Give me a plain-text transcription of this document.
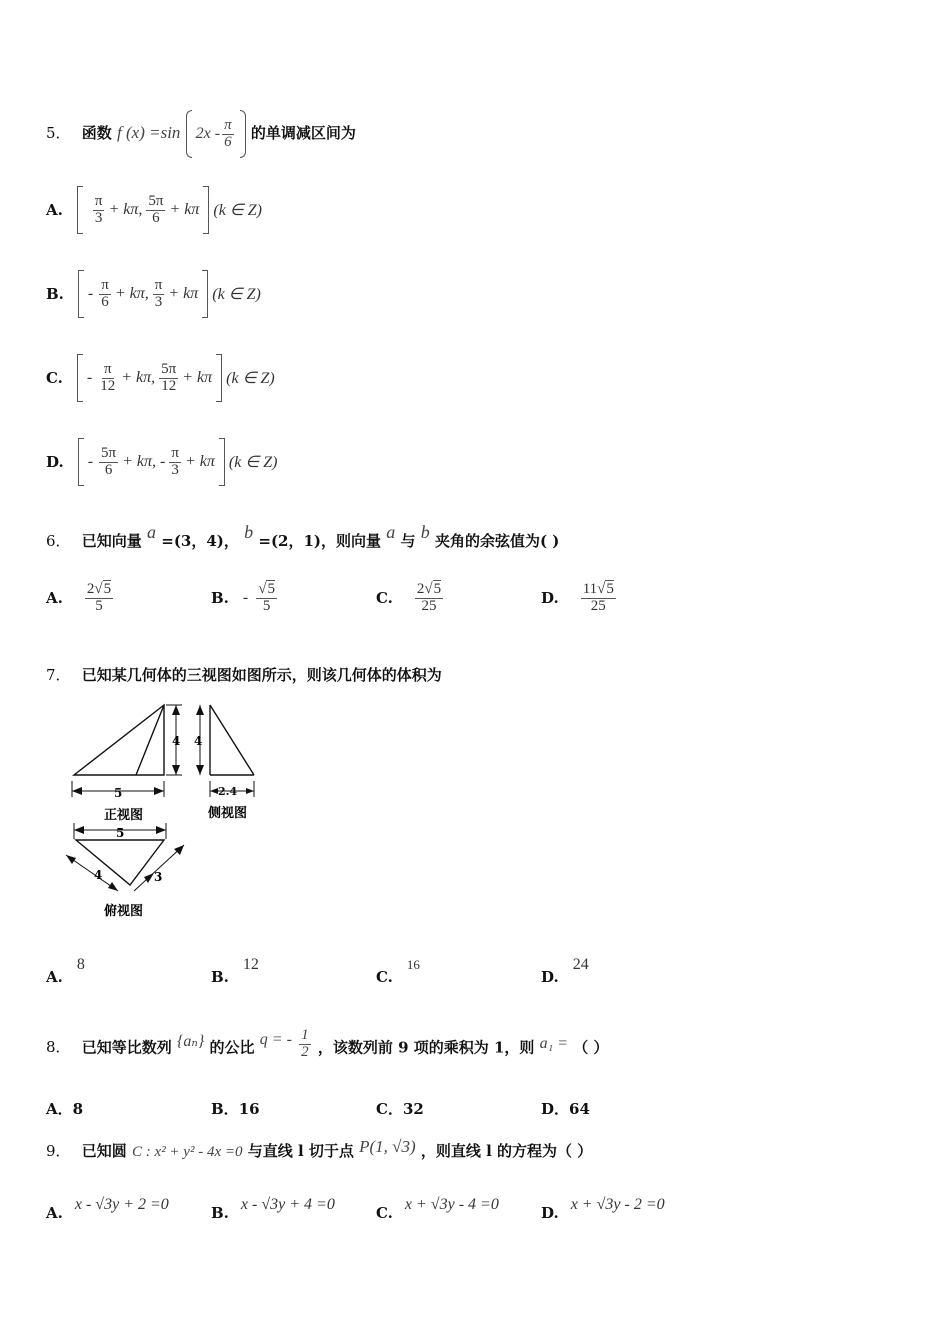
5． 函数 f (x) =sin $2x - \frac{\pi}{6}$ 的单调减区间为
A. $\frac{\pi}{3} + k\pi$, $\frac{5\pi}{6} + k\pi$ (k ∈ Z)
B. - $\frac{\pi}{6} + k\pi$, $\frac{\pi}{3} + k\pi$ (k ∈ Z)
C. - $\frac{\pi}{12} + k\pi$, $\frac{5\pi}{12} + k\pi$ (k ∈ Z)
D. - $\frac{5\pi}{6} + k\pi$, - $\frac{\pi}{3} + k\pi$ (k ∈ Z)
6． 已知向量 a =(3，4)， b =(2，1)，则向量 a 与 b 夹角的余弦值为( )
A. $\frac{2√5}{5}$	B. - $\frac{√5}{5}$	C. $\frac{2√5}{25}$	D. $\frac{11√5}{25}$
7． 已知某几何体的三视图如图所示，则该几何体的体积为
4 4
5
正视图
2.4
侧视图
5
4	3
俯视图
A.
8
B.
12
C.
16
D.
24
8． 已知等比数列 {aₙ} 的公比 q = - $\frac{1}{2}$ ，该数列前 9 项的乘积为 1，则 a₁ = （ ）
A． 8	B． 16	C． 32	D． 64
9． 已知圆 C : x² + y² - 4x =0 与直线 l 切于点 P(1, √3) ，则直线 l 的方程为（ ）
A. x - √3y + 2 =0	B. x - √3y + 4 =0	C. x + √3y - 4 =0	D. x + √3y - 2 =0
